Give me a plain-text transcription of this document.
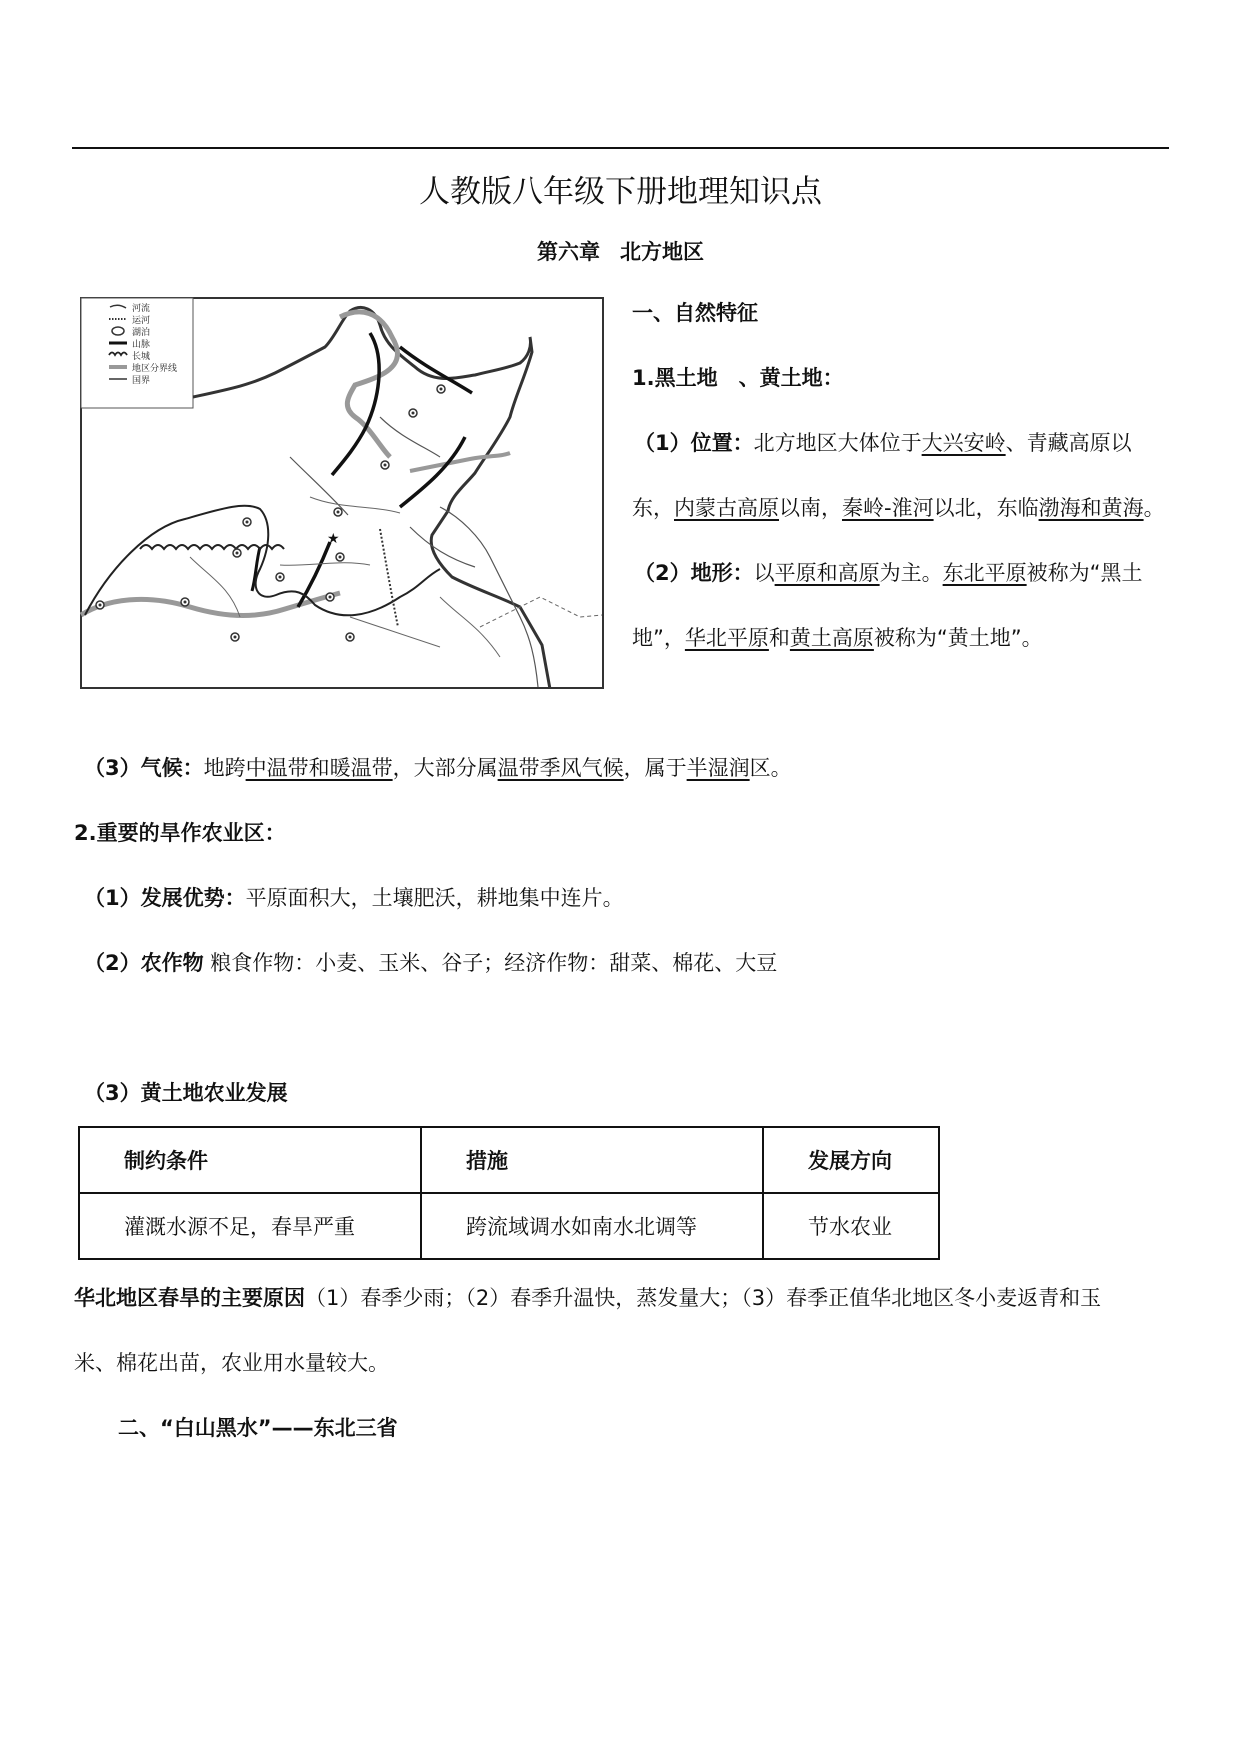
人教版八年级下册地理知识点
第六章 北方地区
河流
运河
湖泊
山脉
长城
地区分界线
国界
★
一、自然特征
1.黑土地　、黄土地：
（1）位置：北方地区大体位于大兴安岭、青藏高原以
东，内蒙古高原以南，秦岭-淮河以北，东临渤海和黄海。
（2）地形：以平原和高原为主。东北平原被称为“黑土
地”，华北平原和黄土高原被称为“黄土地”。
（3）气候：地跨中温带和暖温带，大部分属温带季风气候，属于半湿润区。
2.重要的旱作农业区：
（1）发展优势：平原面积大，土壤肥沃，耕地集中连片。
（2）农作物 粮食作物：小麦、玉米、谷子；经济作物：甜菜、棉花、大豆
（3）黄土地农业发展
制约条件	措施	发展方向
灌溉水源不足，春旱严重	跨流域调水如南水北调等	节水农业
华北地区春旱的主要原因（1）春季少雨；（2）春季升温快，蒸发量大；（3）春季正值华北地区冬小麦返青和玉
米、棉花出苗，农业用水量较大。
二、“白山黑水”——东北三省
